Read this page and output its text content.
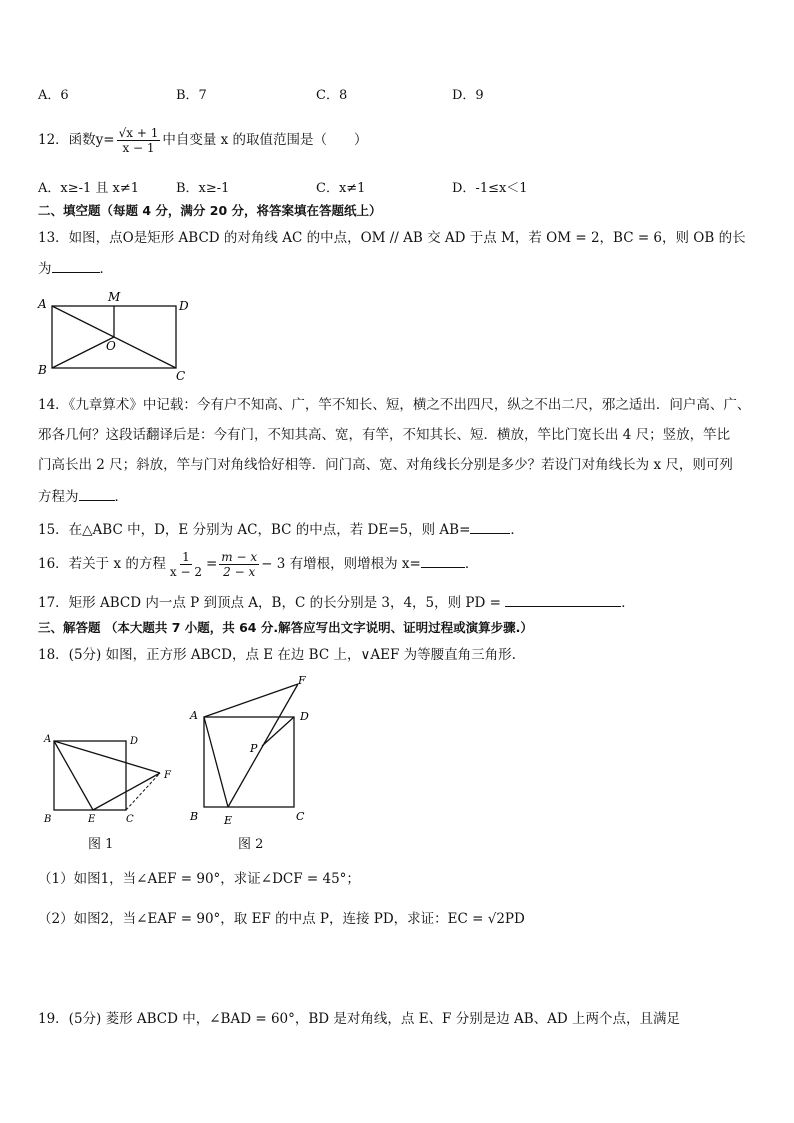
A．6	B．7	C．8	D．9
12．函数$y= \frac{√x + 1}{x - 1}$ 中自变量 x 的取值范围是（　　）
A．x≥-1 且 x≠1	B．x≥-1	C．x≠1	D．-1≤x＜1
二、填空题（每题 4 分，满分 20 分，将答案填在答题纸上）
13．如图，点O是矩形 ABCD 的对角线 AC 的中点，OM // AB 交 AD 于点 M，若 OM = 2，BC = 6，则 OB 的长
为	．
A
B	C
D
M
O
14．《九章算术》中记载：今有户不知高、广，竿不知长、短，横之不出四尺，纵之不出二尺，邪之适出．问户高、广、
邪各几何？这段话翻译后是：今有门，不知其高、宽，有竿，不知其长、短．横放，竿比门宽长出 4 尺；竖放，竿比
门高长出 2 尺；斜放，竿与门对角线恰好相等．问门高、宽、对角线长分别是多少？若设门对角线长为 x 尺，则可列
方程为	．
15．在△ABC 中，D，E 分别为 AC，BC 的中点，若 DE=5，则 AB=	．
16．若关于 x 的方程 $\frac{1}{x - 2} = \frac{m - x}{2 - x} - 3$ 有增根，则增根为 x=	．
17．矩形 ABCD 内一点 P 到顶点 A，B，C 的长分别是 3，4，5，则 PD =	．
三、解答题 （本大题共 7 小题，共 64 分.解答应写出文字说明、证明过程或演算步骤.）
18．(5分) 如图，正方形 ABCD，点 E 在边 BC 上，∨AEF 为等腰直角三角形.
A
B	C
D
E
F
图 1
A
B	C
D
E
F
P
图 2
（1）如图1，当∠AEF = 90°，求证∠DCF = 45°；
（2）如图2，当∠EAF = 90°，取 EF 的中点 P，连接 PD，求证：EC = √2PD
19．(5分) 菱形 ABCD 中，∠BAD = 60°，BD 是对角线，点 E、F 分别是边 AB、AD 上两个点，且满足
